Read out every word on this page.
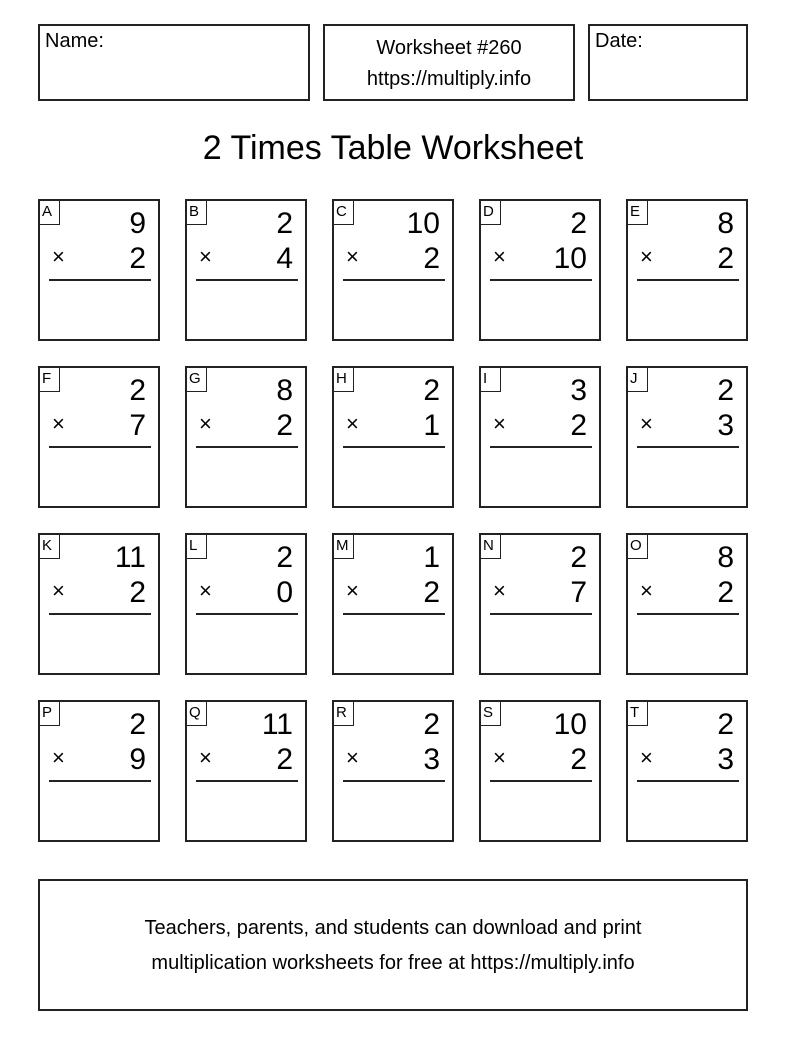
Name:	Worksheet #260
https://multiply.info
Date:
2 Times Table Worksheet
A	9
× 2
B	2
× 4
C 10
× 2
D	2
× 10
E	8
× 2
F	2
× 7
G	8
× 2
H	2
× 1
I	3
× 2
J	2
× 3
K 11
× 2
L	2
× 0
M 1
× 2
N	2
× 7
O	8
× 2
P	2
× 9
Q 11
× 2
R	2
× 3
S 10
× 2
T	2
× 3
Teachers, parents, and students can download and print
multiplication worksheets for free at https://multiply.info
